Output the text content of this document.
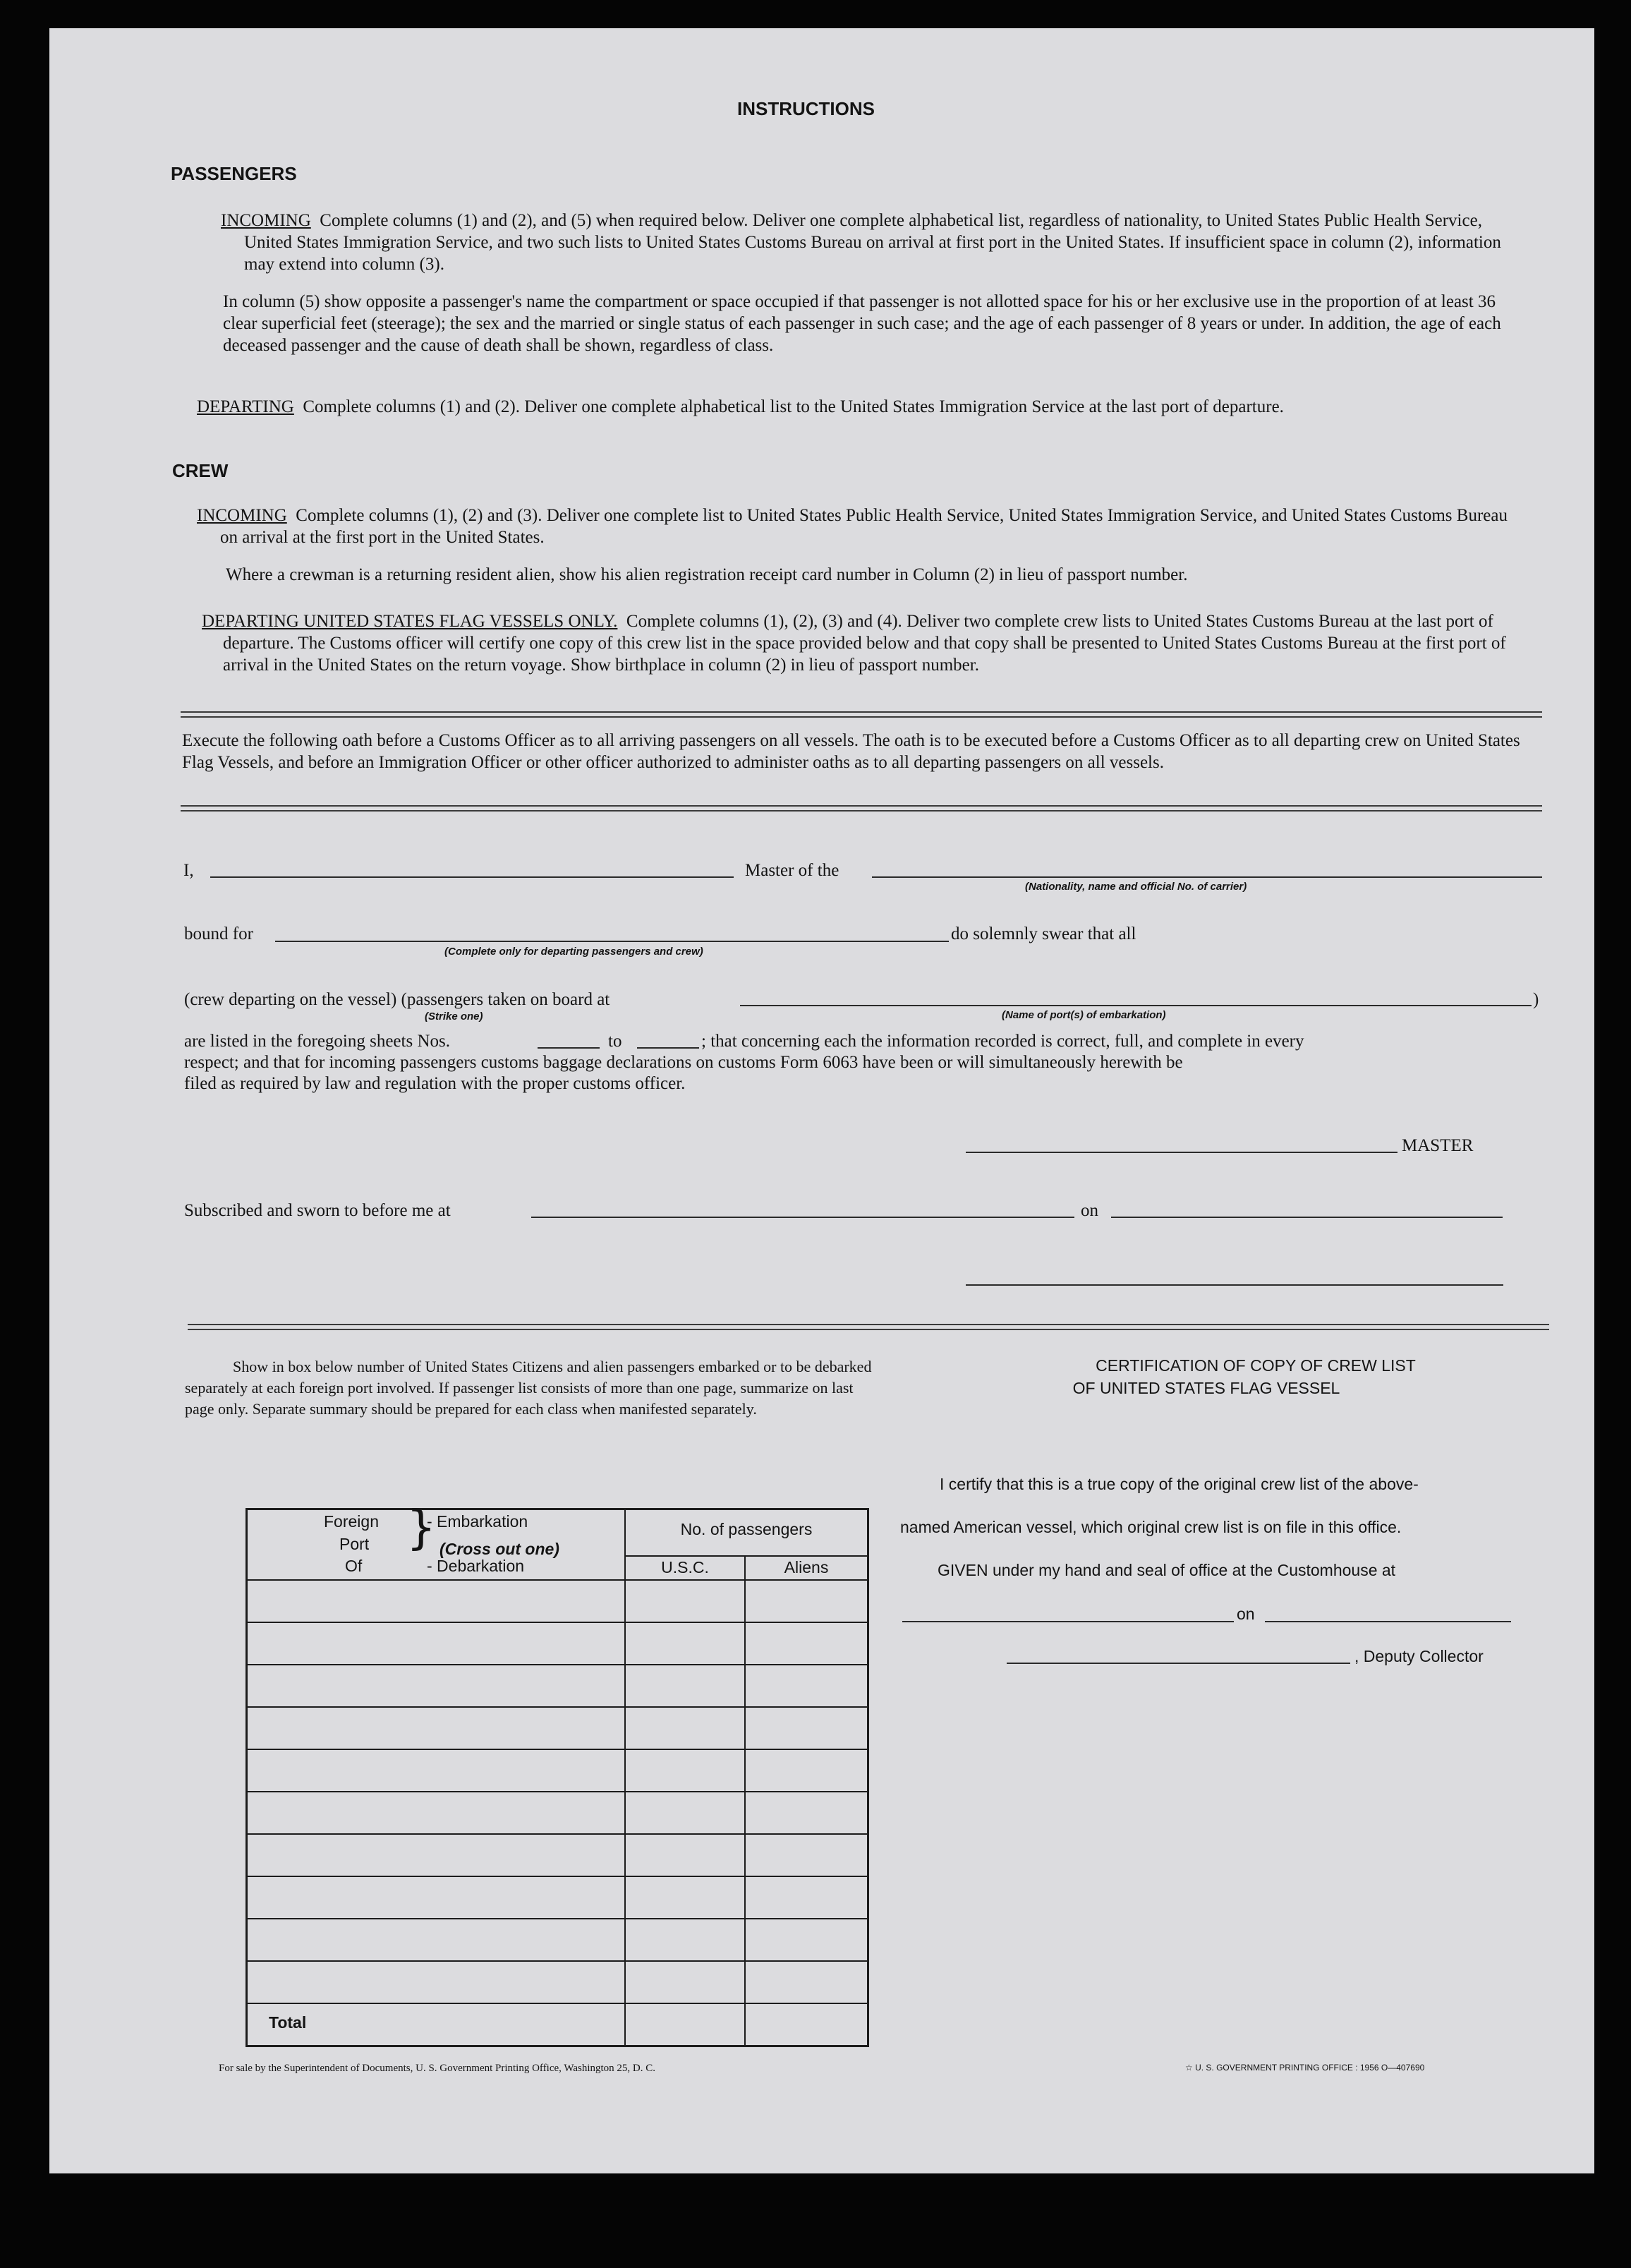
INSTRUCTIONS
PASSENGERS
INCOMING Complete columns (1) and (2), and (5) when required below. Deliver one complete alphabetical list, regardless of nationality, to United States Public Health Service, United States Immigration Service, and two such lists to United States Customs Bureau on arrival at first port in the United States. If insufficient space in column (2), information may extend into column (3).
In column (5) show opposite a passenger's name the compartment or space occupied if that passenger is not allotted space for his or her exclusive use in the proportion of at least 36 clear superficial feet (steerage); the sex and the married or single status of each passenger in such case; and the age of each passenger of 8 years or under. In addition, the age of each deceased passenger and the cause of death shall be shown, regardless of class.
DEPARTING Complete columns (1) and (2). Deliver one complete alphabetical list to the United States Immigration Service at the last port of departure.
CREW
INCOMING Complete columns (1), (2) and (3). Deliver one complete list to United States Public Health Service, United States Immigration Service, and United States Customs Bureau on arrival at the first port in the United States.
Where a crewman is a returning resident alien, show his alien registration receipt card number in Column (2) in lieu of passport number.
DEPARTING UNITED STATES FLAG VESSELS ONLY. Complete columns (1), (2), (3) and (4). Deliver two complete crew lists to United States Customs Bureau at the last port of departure. The Customs officer will certify one copy of this crew list in the space provided below and that copy shall be presented to United States Customs Bureau at the first port of arrival in the United States on the return voyage. Show birthplace in column (2) in lieu of passport number.
Execute the following oath before a Customs Officer as to all arriving passengers on all vessels. The oath is to be executed before a Customs Officer as to all departing crew on United States Flag Vessels, and before an Immigration Officer or other officer authorized to administer oaths as to all departing passengers on all vessels.
I,	Master of the
(Nationality, name and official No. of carrier)
bound for	do solemnly swear that all
(Complete only for departing passengers and crew)
(crew departing on the vessel) (passengers taken on board at	)
(Strike one)	(Name of port(s) of embarkation)
are listed in the foregoing sheets Nos.	to	; that concerning each the information recorded is correct, full, and complete in every
respect; and that for incoming passengers customs baggage declarations on customs Form 6063 have been or will simultaneously herewith be
filed as required by law and regulation with the proper customs officer.
MASTER
Subscribed and sworn to before me at	on
Show in box below number of United States Citizens and alien passengers embarked or to be debarked separately at each foreign port involved. If passenger list consists of more than one page, summarize on last page only. Separate summary should be prepared for each class when manifested separately.
Foreign
Port
Of
}
- Embarkation
(Cross out one)
- Debarkation
No. of passengers
U.S.C.	Aliens
Total
CERTIFICATION OF COPY OF CREW LIST
OF UNITED STATES FLAG VESSEL
I certify that this is a true copy of the original crew list of the above-
named American vessel, which original crew list is on file in this office.
GIVEN under my hand and seal of office at the Customhouse at
on
, Deputy Collector
For sale by the Superintendent of Documents, U. S. Government Printing Office, Washington 25, D. C.	☆ U. S. GOVERNMENT PRINTING OFFICE : 1956 O—407690
